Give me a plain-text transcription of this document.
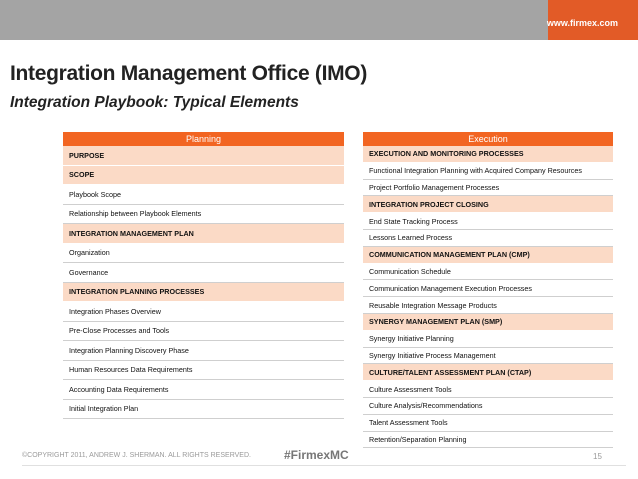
www.firmex.com
Integration Management Office (IMO)
Integration Playbook: Typical Elements
Planning	Execution
PURPOSE
SCOPE
Playbook Scope
Relationship between Playbook Elements
INTEGRATION MANAGEMENT PLAN
Organization
Governance
INTEGRATION PLANNING PROCESSES
Integration Phases Overview
Pre-Close Processes and Tools
Integration Planning Discovery Phase
Human Resources Data Requirements
Accounting Data Requirements
Initial Integration Plan
EXECUTION AND MONITORING PROCESSES
Functional Integration Planning with Acquired Company Resources
Project Portfolio Management Processes
INTEGRATION PROJECT CLOSING
End State Tracking Process
Lessons Learned Process
COMMUNICATION MANAGEMENT PLAN (CMP)
Communication Schedule
Communication Management Execution Processes
Reusable Integration Message Products
SYNERGY MANAGEMENT PLAN (SMP)
Synergy Initiative Planning
Synergy Initiative Process Management
CULTURE/TALENT ASSESSMENT PLAN (CTAP)
Culture Assessment Tools
Culture Analysis/Recommendations
Talent Assessment Tools
Retention/Separation Planning
©COPYRIGHT 2011, ANDREW J. SHERMAN. ALL RIGHTS RESERVED.	#FirmexMC	15
